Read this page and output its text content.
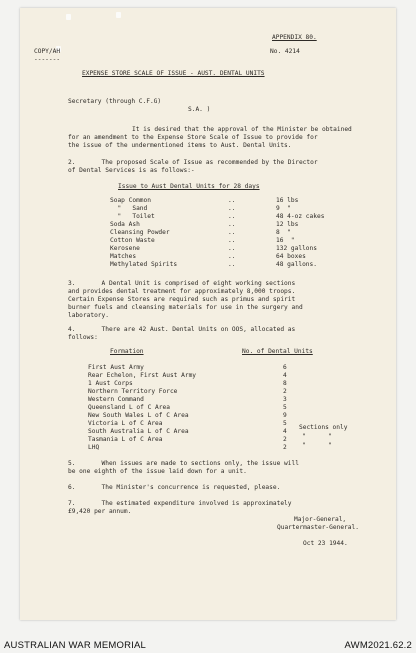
APPENDIX 80.
COPY/AH	No. 4214
-------
EXPENSE STORE SCALE OF ISSUE - AUST. DENTAL UNITS
Secretary (through C.F.G)
S.A. )
It is desired that the approval of the Minister be obtained
for an amendment to the Expense Store Scale of Issue to provide for
the issue of the undermentioned items to Aust. Dental Units.
2.       The proposed Scale of Issue as recommended by the Director
of Dental Services is as follows:-
Issue to Aust Dental Units for 28 days
Soap Common	..	16 lbs
"   Sand	..	9  "
"   Toilet	..	48 4-oz cakes
Soda Ash	..	12 lbs
Cleansing Powder	..	8  "
Cotton Waste	..	16  "
Kerosene	..	132 gallons
Matches	..	64 boxes
Methylated Spirits	..	48 gallons.
3.       A Dental Unit is comprised of eight working sections
and provides dental treatment for approximately 8,000 troops.
Certain Expense Stores are required such as primus and spirit
burner fuels and cleansing materials for use in the surgery and
laboratory.
4.       There are 42 Aust. Dental Units on OOS, allocated as
follows:
Formation	No. of Dental Units
First Aust Army	6
Rear Echelon, First Aust Army	4
1 Aust Corps	8
Northern Territory Force	2
Western Command	3
Queensland L of C Area	5
New South Wales L of C Area	9
Victoria L of C Area	5
South Australia L of C Area	4
Sections only
Tasmania L of C Area	2 "      "
LHQ	2 "      "
5.       When issues are made to sections only, the issue will
be one eighth of the issue laid down for a unit.
6.       The Minister's concurrence is requested, please.
7.       The estimated expenditure involved is approximately
£9,420 per annum.
Major-General,
Quartermaster-General.
Oct 23 1944.
AUSTRALIAN WAR MEMORIAL	AWM2021.62.2
